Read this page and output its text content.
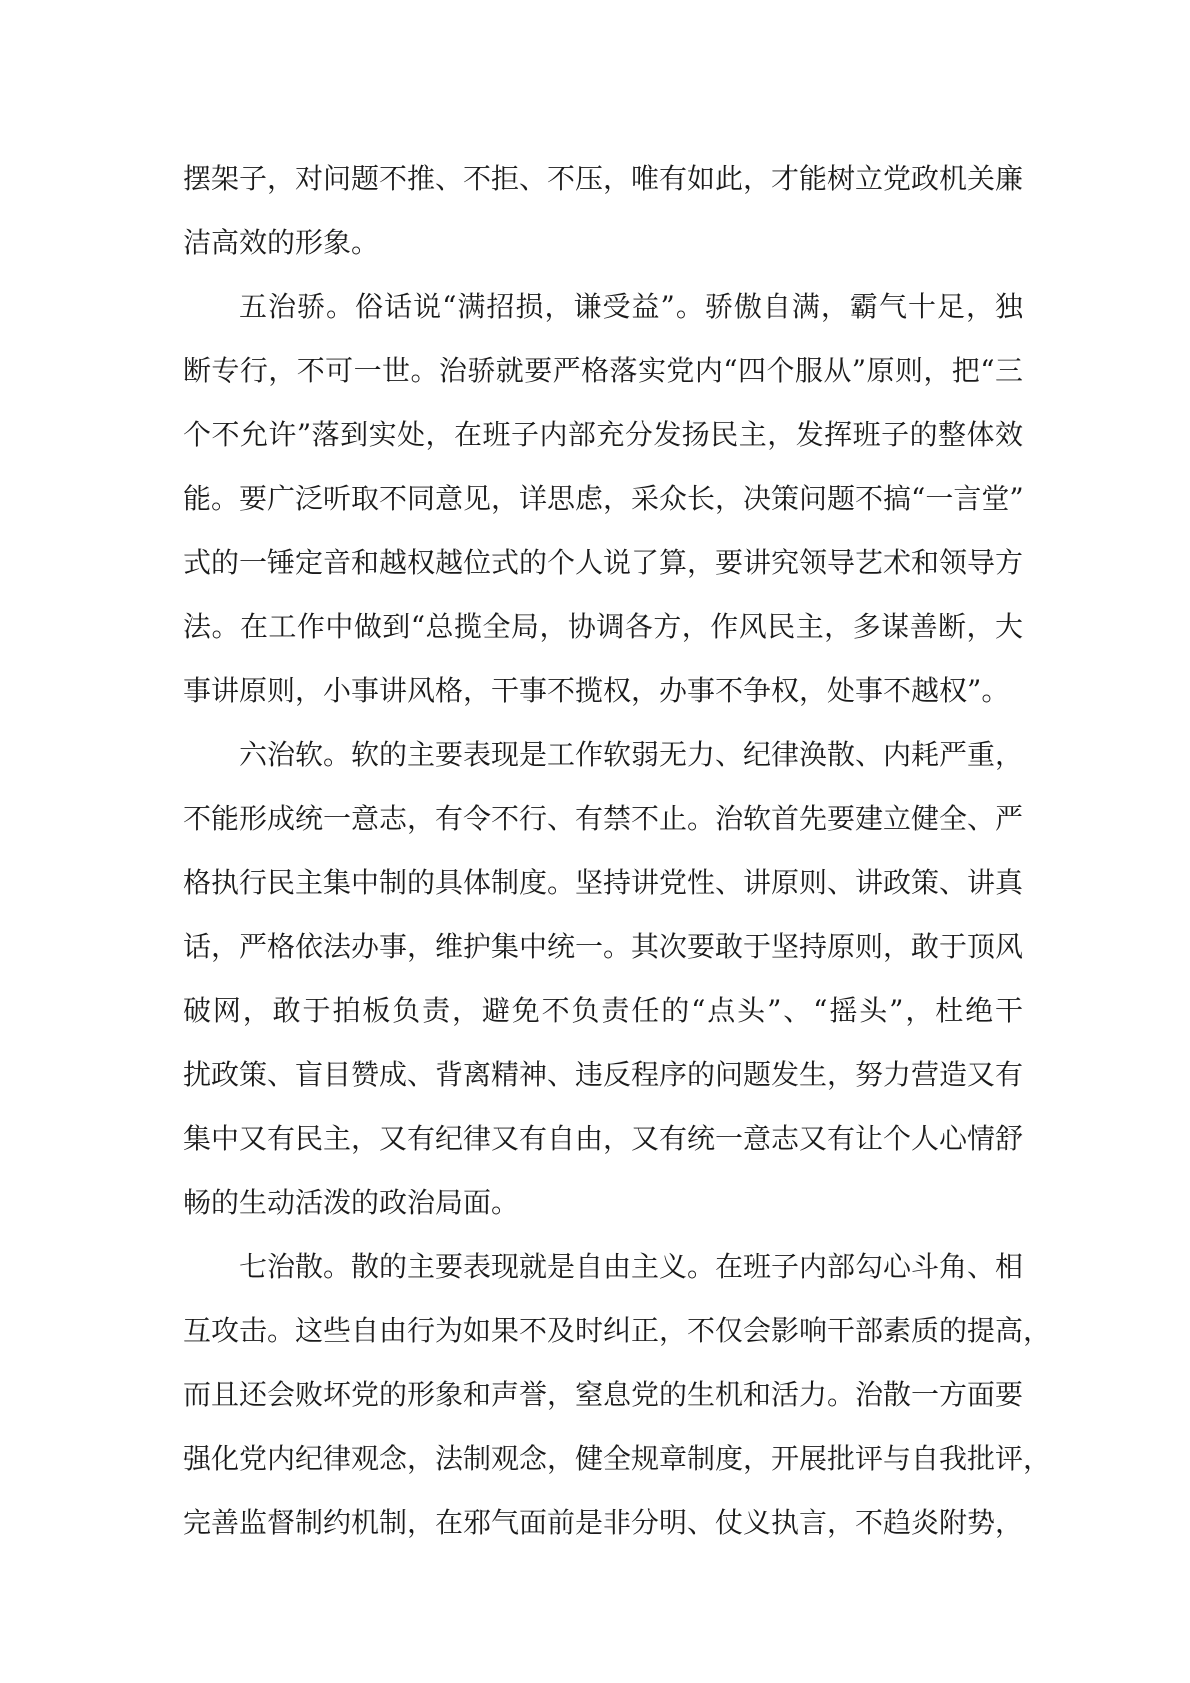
摆架子，对问题不推、不拒、不压，唯有如此，才能树立党政机关廉
洁高效的形象。
五治骄。俗话说“满招损，谦受益”。骄傲自满，霸气十足，独
断专行，不可一世。治骄就要严格落实党内“四个服从”原则，把“三
个不允许”落到实处，在班子内部充分发扬民主，发挥班子的整体效
能。要广泛听取不同意见，详思虑，采众长，决策问题不搞“一言堂”
式的一锤定音和越权越位式的个人说了算，要讲究领导艺术和领导方
法。在工作中做到“总揽全局，协调各方，作风民主，多谋善断，大
事讲原则，小事讲风格，干事不揽权，办事不争权，处事不越权”。
六治软。软的主要表现是工作软弱无力、纪律涣散、内耗严重，
不能形成统一意志，有令不行、有禁不止。治软首先要建立健全、严
格执行民主集中制的具体制度。坚持讲党性、讲原则、讲政策、讲真
话，严格依法办事，维护集中统一。其次要敢于坚持原则，敢于顶风
破网，敢于拍板负责，避免不负责任的“点头”、“摇头”，杜绝干
扰政策、盲目赞成、背离精神、违反程序的问题发生，努力营造又有
集中又有民主，又有纪律又有自由，又有统一意志又有让个人心情舒
畅的生动活泼的政治局面。
七治散。散的主要表现就是自由主义。在班子内部勾心斗角、相
互攻击。这些自由行为如果不及时纠正，不仅会影响干部素质的提高，
而且还会败坏党的形象和声誉，窒息党的生机和活力。治散一方面要
强化党内纪律观念，法制观念，健全规章制度，开展批评与自我批评，
完善监督制约机制，在邪气面前是非分明、仗义执言，不趋炎附势，
